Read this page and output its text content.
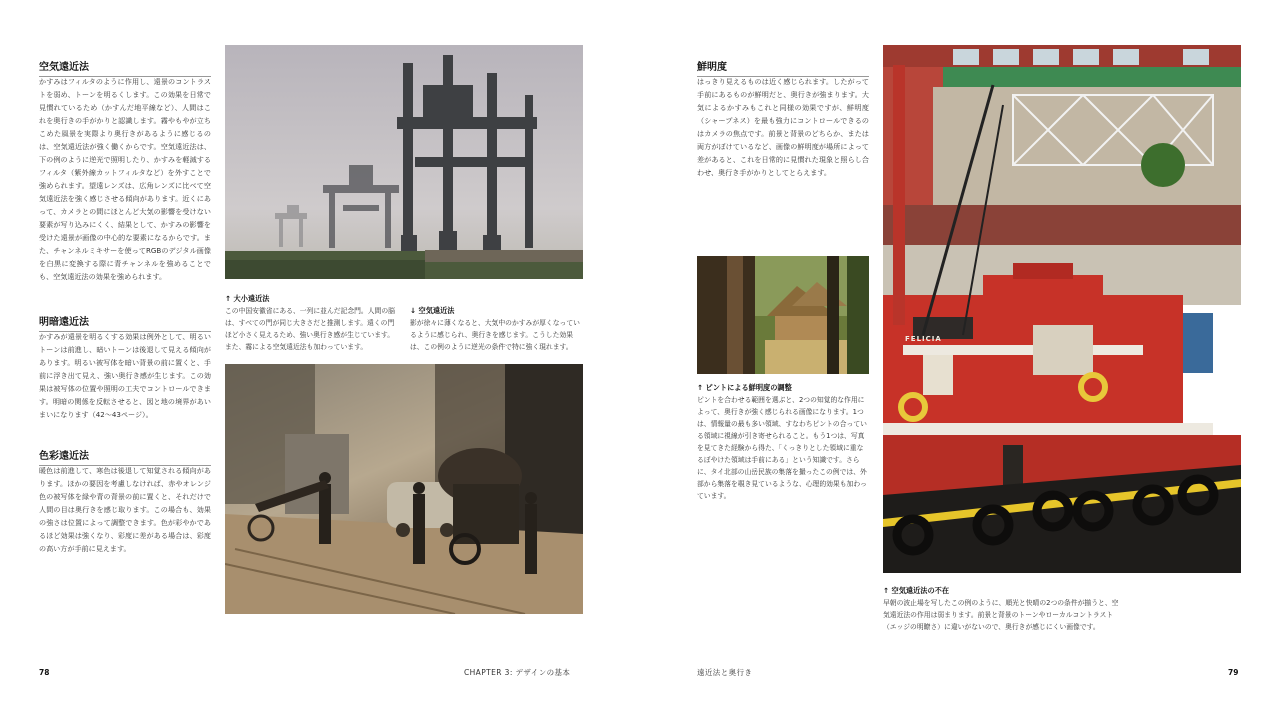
空気遠近法
かすみはフィルタのように作用し、遠景のコントラストを弱め、トーンを明るくします。この効果を日常で見慣れているため（かすんだ地平線など）、人間はこれを奥行きの手がかりと認識します。霧やもやが立ちこめた風景を実際より奥行きがあるように感じるのは、空気遠近法が強く働くからです。空気遠近法は、下の例のように逆光で照明したり、かすみを軽減するフィルタ（紫外線カットフィルタなど）を外すことで強められます。望遠レンズは、広角レンズに比べて空気遠近法を強く感じさせる傾向があります。近くにあって、カメラとの間にほとんど大気の影響を受けない要素が写り込みにくく、結果として、かすみの影響を受けた遠景が画像の中心的な要素になるからです。また、チャンネルミキサーを使ってRGBのデジタル画像を白黒に変換する際に青チャンネルを強めることでも、空気遠近法の効果を強められます。
明暗遠近法
かすみが遠景を明るくする効果は例外として、明るいトーンは前進し、暗いトーンは後退して見える傾向があります。明るい被写体を暗い背景の前に置くと、手前に浮き出て見え、強い奥行き感が生じます。この効果は被写体の位置や照明の工夫でコントロールできます。明暗の関係を反転させると、図と地の境界があいまいになります（42〜43ページ）。
色彩遠近法
暖色は前進して、寒色は後退して知覚される傾向があります。ほかの要因を考慮しなければ、赤やオレンジ色の被写体を緑や青の背景の前に置くと、それだけで人間の目は奥行きを感じ取ります。この場合も、効果の強さは位置によって調整できます。色が彩やかであるほど効果は強くなり、彩度に差がある場合は、彩度の高い方が手前に見えます。
↑ 大小遠近法
この中国安徽省にある、一列に並んだ記念門。人間の脳は、すべての門が同じ大きさだと推測します。遠くの門ほど小さく見えるため、強い奥行き感が生じています。また、霧による空気遠近法も加わっています。
↓ 空気遠近法
影が徐々に薄くなると、大気中のかすみが厚くなっているように感じられ、奥行きを感じます。こうした効果は、この例のように逆光の条件で特に強く現れます。
78	CHAPTER 3: デザインの基本
鮮明度
はっきり見えるものは近く感じられます。したがって手前にあるものが鮮明だと、奥行きが強まります。大気によるかすみもこれと同様の効果ですが、鮮明度（シャープネス）を最も強力にコントロールできるのはカメラの焦点です。前景と背景のどちらか、または両方がぼけているなど、画像の鮮明度が場所によって差があると、これを日常的に見慣れた現象と照らし合わせ、奥行き手がかりとしてとらえます。
↑ ピントによる鮮明度の調整
ピントを合わせる範囲を選ぶと、2つの知覚的な作用によって、奥行きが強く感じられる画像になります。1つは、情報量の最も多い領域、すなわちピントの合っている領域に視線が引き寄せられること。もう1つは、写真を見てきた経験から得た、「くっきりとした領域に重なるぼやけた領域は手前にある」という知識です。さらに、タイ北部の山岳民族の集落を撮ったこの例では、外部から集落を覗き見ているような、心理的効果も加わっています。
FELICIA
↑ 空気遠近法の不在
早朝の波止場を写したこの例のように、順光と快晴の2つの条件が揃うと、空気遠近法の作用は弱まります。前景と背景のトーンやローカルコントラスト（エッジの明瞭さ）に違いがないので、奥行きが感じにくい画像です。
遠近法と奥行き	79
